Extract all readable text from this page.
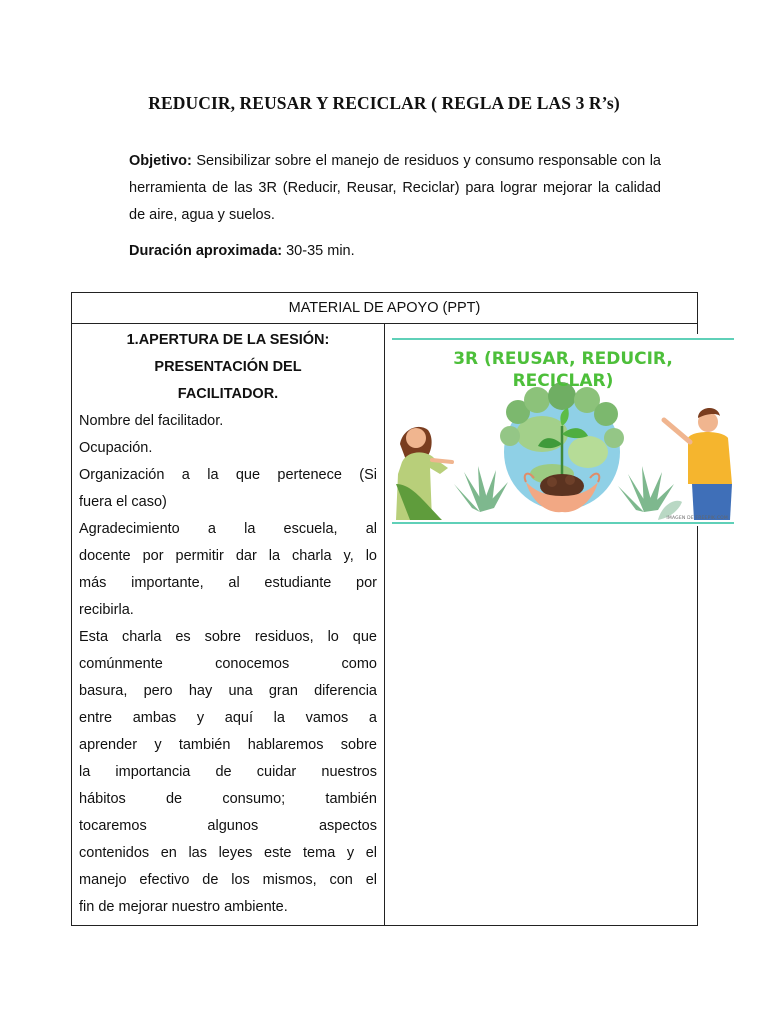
REDUCIR, REUSAR Y RECICLAR ( REGLA DE LAS 3 R’s)

Objetivo: Sensibilizar sobre el manejo de residuos y consumo responsable con la herramienta de las 3R (Reducir, Reusar, Reciclar) para lograr mejorar la calidad de aire, agua y suelos.

Duración aproximada: 30-35 min.

MATERIAL DE APOYO (PPT)

1.APERTURA DE LA SESIÓN:

PRESENTACIÓN DEL

FACILITADOR.

Nombre del facilitador.

Ocupación.

Organización a la que pertenece (Si

fuera el caso)

Agradecimiento a la escuela, al

docente por permitir dar la charla y, lo

más importante, al estudiante por

recibirla.

Esta charla es sobre residuos, lo que

comúnmente conocemos como

basura, pero hay una gran diferencia

entre ambas y aquí la vamos a

aprender y también hablaremos sobre

la importancia de cuidar nuestros

hábitos de consumo; también

tocaremos algunos aspectos

contenidos en las leyes este tema y el

manejo efectivo de los mismos, con el

fin de mejorar nuestro ambiente.

3R (REUSAR, REDUCIR,
RECICLAR)
IMAGEN DE FREEPIK.COM
